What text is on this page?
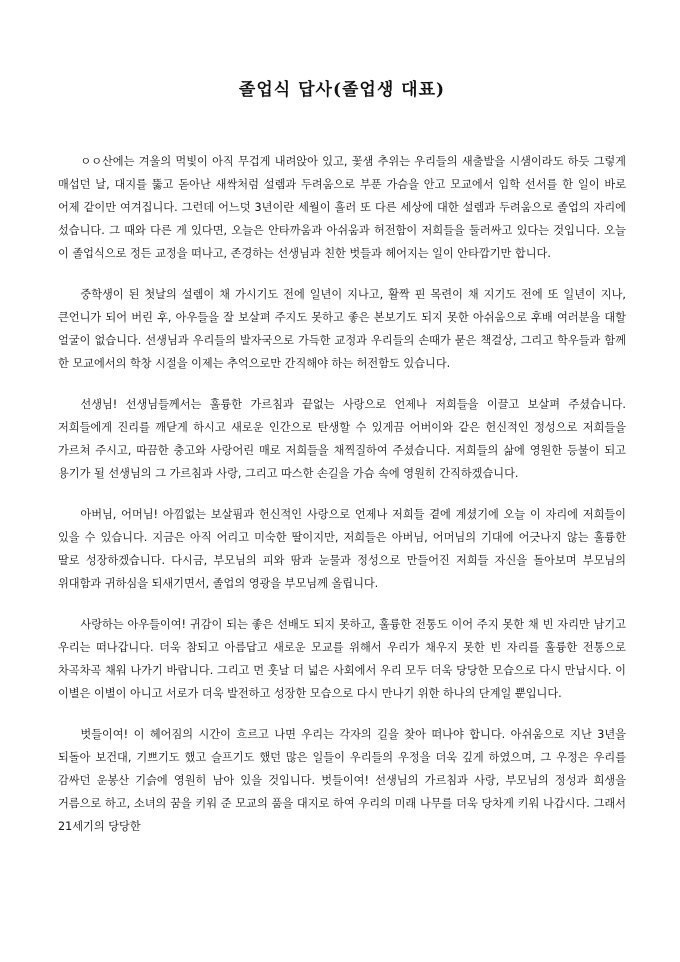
졸업식 답사(졸업생 대표)

ㅇㅇ산에는 겨울의 먹빛이 아직 무겁게 내려앉아 있고, 꽃샘 추위는 우리들의 새출발을 시샘이라도 하듯 그렇게 매섭던 날, 대지를 뚫고 돋아난 새싹처럼 설렘과 두려움으로 부푼 가슴을 안고 모교에서 입학 선서를 한 일이 바로 어제 같이만 여겨집니다. 그런데 어느덧 3년이란 세월이 흘러 또 다른 세상에 대한 설렘과 두려움으로 졸업의 자리에 섰습니다. 그 때와 다른 게 있다면, 오늘은 안타까움과 아쉬움과 허전함이 저희들을 둘러싸고 있다는 것입니다. 오늘 이 졸업식으로 정든 교정을 떠나고, 존경하는 선생님과 친한 벗들과 헤어지는 일이 안타깝기만 합니다.

중학생이 된 첫날의 설렘이 채 가시기도 전에 일년이 지나고, 활짝 핀 목련이 채 지기도 전에 또 일년이 지나, 큰언니가 되어 버린 후, 아우들을 잘 보살펴 주지도 못하고 좋은 본보기도 되지 못한 아쉬움으로 후배 여러분을 대할 얼굴이 없습니다. 선생님과 우리들의 발자국으로 가득한 교정과 우리들의 손때가 묻은 책걸상, 그리고 학우들과 함께 한 모교에서의 학창 시절을 이제는 추억으로만 간직해야 하는 허전함도 있습니다.

선생님! 선생님들께서는 훌륭한 가르침과 끝없는 사랑으로 언제나 저희들을 이끌고 보살펴 주셨습니다. 저희들에게 진리를 깨닫게 하시고 새로운 인간으로 탄생할 수 있게끔 어버이와 같은 헌신적인 정성으로 저희들을 가르쳐 주시고, 따끔한 충고와 사랑어린 매로 저희들을 채찍질하여 주셨습니다. 저희들의 삶에 영원한 등불이 되고 용기가 될 선생님의 그 가르침과 사랑, 그리고 따스한 손길을 가슴 속에 영원히 간직하겠습니다.

아버님, 어머님! 아낌없는 보살핌과 헌신적인 사랑으로 언제나 저희들 곁에 계셨기에 오늘 이 자리에 저희들이 있을 수 있습니다. 지금은 아직 어리고 미숙한 딸이지만, 저희들은 아버님, 어머님의 기대에 어긋나지 않는 훌륭한 딸로 성장하겠습니다. 다시금, 부모님의 피와 땀과 눈물과 정성으로 만들어진 저희들 자신을 돌아보며 부모님의 위대함과 귀하심을 되새기면서, 졸업의 영광을 부모님께 올립니다.

사랑하는 아우들이여! 귀감이 되는 좋은 선배도 되지 못하고, 훌륭한 전통도 이어 주지 못한 채 빈 자리만 남기고 우리는 떠나갑니다. 더욱 참되고 아름답고 새로운 모교를 위해서 우리가 채우지 못한 빈 자리를 훌륭한 전통으로 차곡차곡 채워 나가기 바랍니다. 그리고 먼 훗날 더 넓은 사회에서 우리 모두 더욱 당당한 모습으로 다시 만납시다. 이 이별은 이별이 아니고 서로가 더욱 발전하고 성장한 모습으로 다시 만나기 위한 하나의 단계일 뿐입니다.

벗들이여! 이 헤어짐의 시간이 흐르고 나면 우리는 각자의 길을 찾아 떠나야 합니다. 아쉬움으로 지난 3년을 되돌아 보건대, 기쁘기도 했고 슬프기도 했던 많은 일들이 우리들의 우정을 더욱 깊게 하였으며, 그 우정은 우리를 감싸던 운봉산 기슭에 영원히 남아 있을 것입니다. 벗들이여! 선생님의 가르침과 사랑, 부모님의 정성과 희생을 거름으로 하고, 소녀의 꿈을 키워 준 모교의 품을 대지로 하여 우리의 미래 나무를 더욱 당차게 키워 나갑시다. 그래서 21세기의 당당한
